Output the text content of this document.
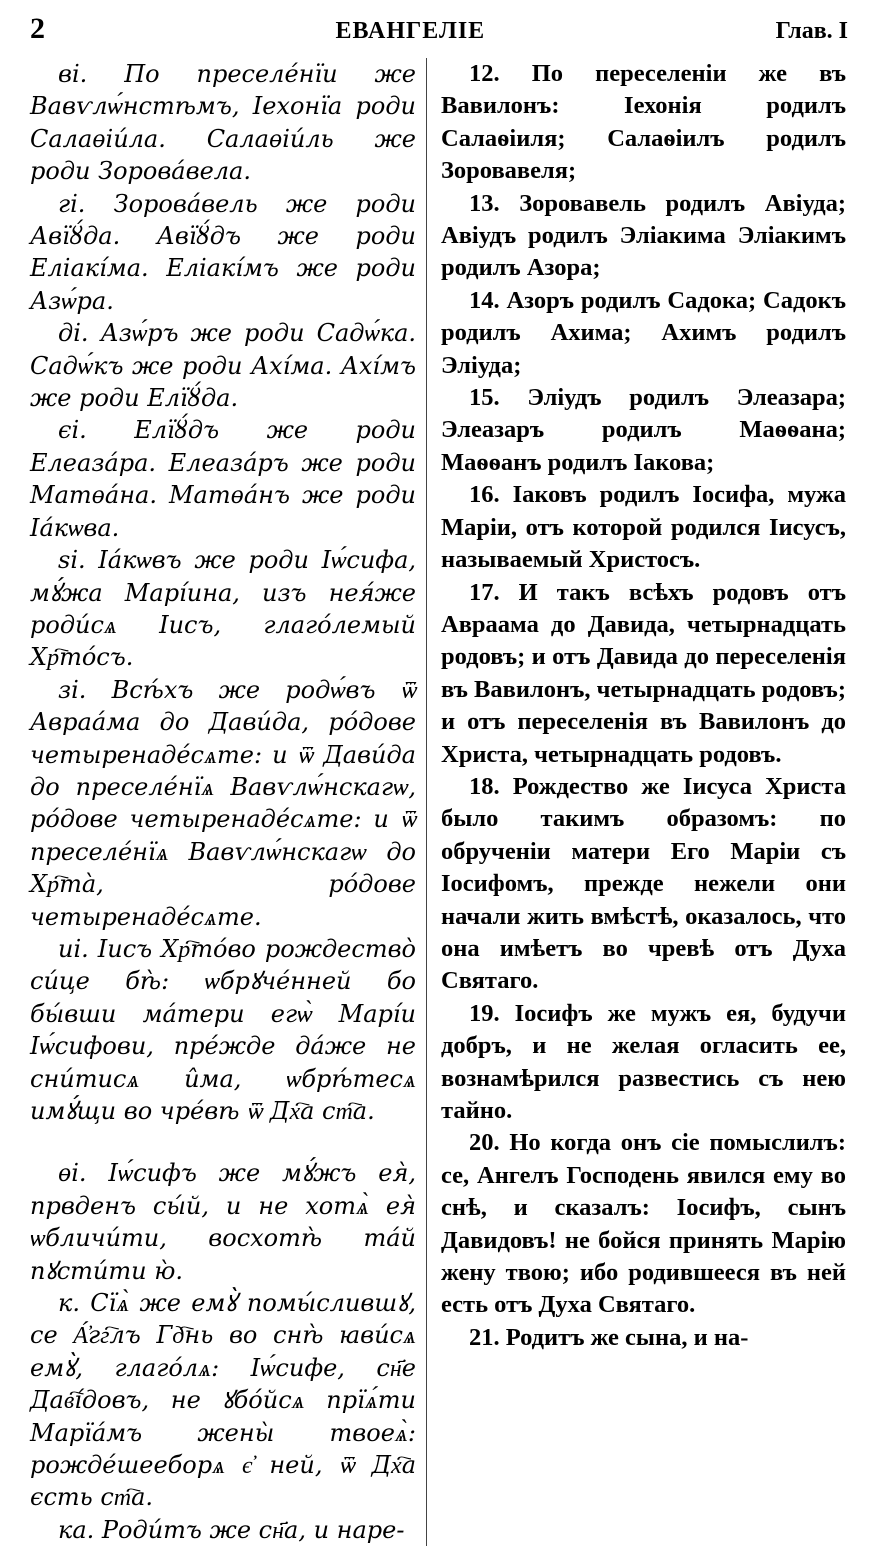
2	ЕВАНГЕЛІЕ	Глав. I

ві. По преселе́нїи же Вавѵлѡ́нстѣмъ, Іехонїа роди Салаѳіи́ла. Салаѳіи́ль же роди Зорова́вела.

гі. Зорова́вель же роди Авїȣ́да. Авїȣ́дъ же роди Еліакі́ма. Еліакі́мъ же роди Азѡ́ра.

ді. Азѡ́ръ же роди Садѡ́ка. Садѡ́къ же роди Ахі́ма. Ахі́мъ же роди Елїȣ́да.

єі. Елїȣ́дъ же роди Елеаза́ра. Елеаза́ръ же роди Матѳа́на. Матѳа́нъ же роди Іа́кѡва.

ѕі. Іа́кѡвъ же роди Іѡ́сифа, мꙋ́жа Марі́ина, изъ нея́же роди́сѧ Іисъ, глаго́лемый Хр҇то́съ.

зі. Всѣ́хъ же родѡ́въ ѿ Авраа́ма до Дави́да, ро́дове четыренаде́сѧте: и ѿ Дави́да до преселе́нїѧ Вавѵлѡ́нскагѡ, ро́дове четыренаде́сѧте: и ѿ преселе́нїѧ Вавѵлѡ́нскагѡ до Хр҇та̀, ро́дове четыренаде́сѧте.

иі. Іисъ Хр҇то́во рождество̀ си́це бѣ̀: ѡбрꙋче́нней бо бы́вши ма́тери егѡ̀ Марі́и Іѡ́сифови, пре́жде да́же не сни́тисѧ и̂ма, ѡбрѣ́тесѧ имꙋ́щи во чре́вѣ ѿ Дх҇а ст҇а.

ѳі. Іѡ́сифъ же мꙋ́жъ ея̀, првденъ сы́й, и не хотѧ̀ ея̀ ѡбличи́ти, восхотѣ̀ та́й пꙋсти́ти ю̀.

к. Сїѧ̀ же емꙋ̀ помы́слившꙋ, се А҆́гг҇лъ Гд҇нь во снѣ̀ ꙗви́сѧ емꙋ̀, глаго́лѧ: Іѡ́сифе, сн҃е Дав҇і́довъ, не ꙋбо́йсѧ прїѧ́ти Марїа́мъ жены̀ твоеѧ̀: рожде́шееборѧ є҆ ней, ѿ Дх҇а єсть ст҇а.

ка. Роди́тъ же сн҃а, и наре-

12. По переселеніи же въ Вавилонъ: Іехонія родилъ Салаѳіиля; Салаѳіилъ родилъ Зоровавеля;

13. Зоровавель родилъ Авіуда; Авіудъ родилъ Эліакима Эліакимъ родилъ Азора;

14. Азоръ родилъ Садока; Садокъ родилъ Ахима; Ахимъ родилъ Эліуда;

15. Эліудъ родилъ Элеазара; Элеазаръ родилъ Маѳѳана; Маѳѳанъ родилъ Іакова;

16. Іаковъ родилъ Іосифа, мужа Маріи, отъ которой родился Іисусъ, называемый Христосъ.

17. И такъ всѣхъ родовъ отъ Авраама до Давида, четырнадцать родовъ; и отъ Давида до переселенія въ Вавилонъ, четырнадцать родовъ; и отъ переселенія въ Вавилонъ до Христа, четырнадцать родовъ.

18. Рождество же Іисуса Христа было такимъ образомъ: по обрученіи матери Его Маріи съ Іосифомъ, прежде нежели они начали жить вмѣстѣ, оказалось, что она имѣетъ во чревѣ отъ Духа Святаго.

19. Іосифъ же мужъ ея, будучи добръ, и не желая огласить ее, вознамѣрился развестись съ нею тайно.

20. Но когда онъ сіе помыслилъ: се, Ангелъ Господень явился ему во снѣ, и сказалъ: Іосифъ, сынъ Давидовъ! не бойся принять Марію жену твою; ибо родившееся въ ней есть отъ Духа Святаго.

21. Родитъ же сына, и на-
